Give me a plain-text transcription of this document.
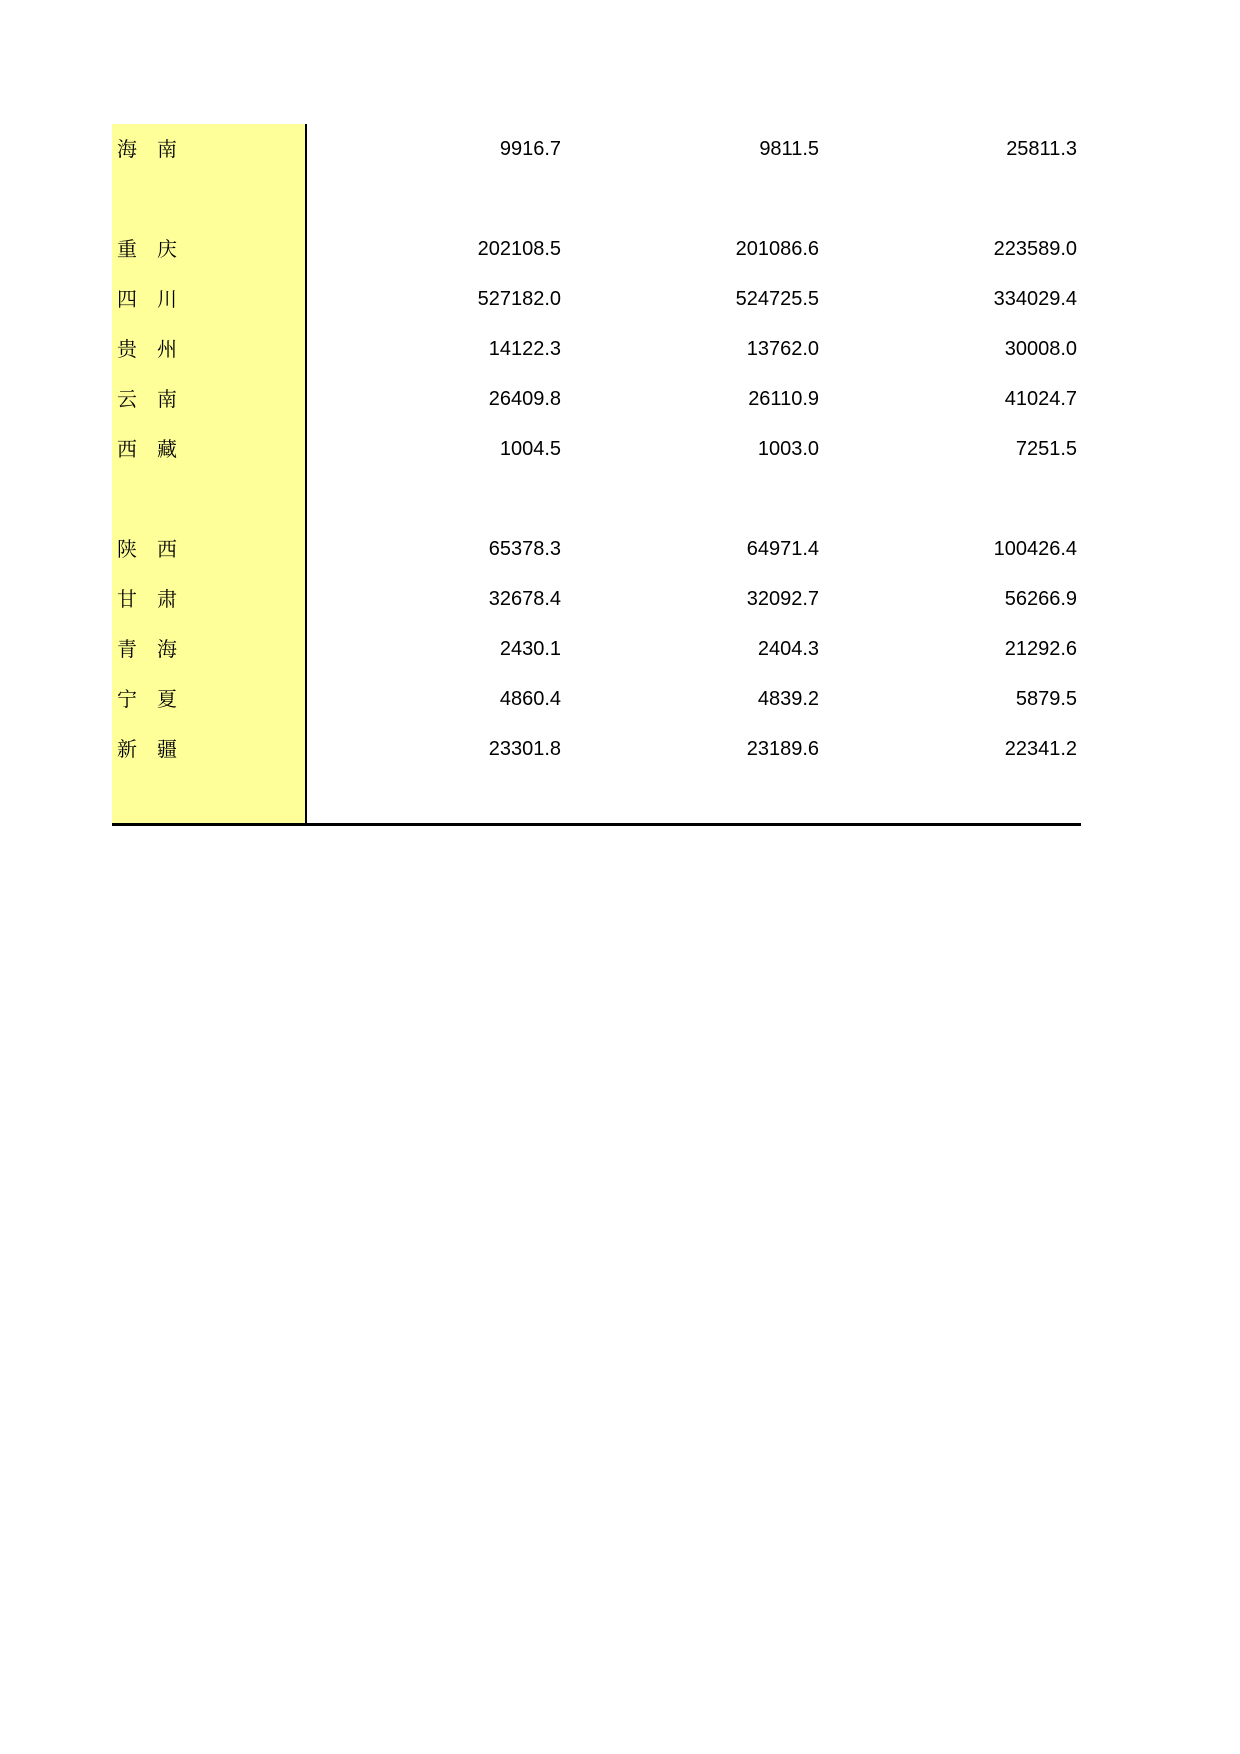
海　南	9916.7	9811.5	25811.3
重　庆	202108.5	201086.6	223589.0
四　川	527182.0	524725.5	334029.4
贵　州	14122.3	13762.0	30008.0
云　南	26409.8	26110.9	41024.7
西　藏	1004.5	1003.0	7251.5
陕　西	65378.3	64971.4	100426.4
甘　肃	32678.4	32092.7	56266.9
青　海	2430.1	2404.3	21292.6
宁　夏	4860.4	4839.2	5879.5
新　疆	23301.8	23189.6	22341.2
